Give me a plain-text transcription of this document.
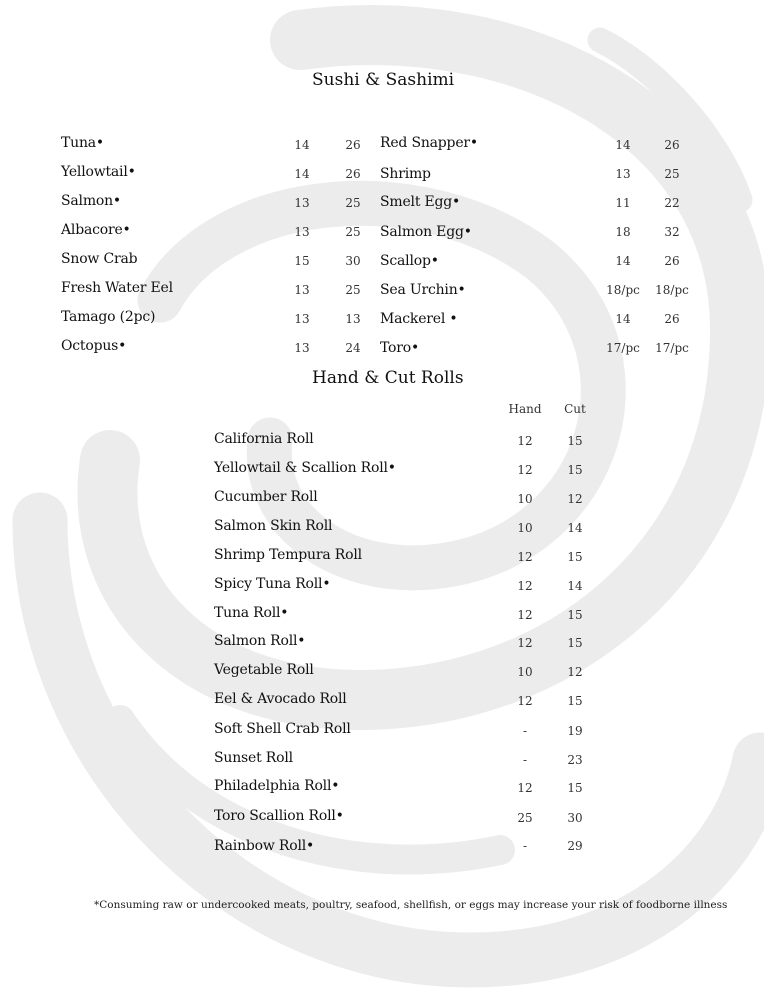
Sushi & Sashimi
Tuna•	14	26
Yellowtail•	14	26
Salmon•	13	25
Albacore•	13	25
Snow Crab	15	30
Fresh Water Eel	13	25
Tamago (2pc)	13	13
Octopus•	13	24
Red Snapper•	14	26
Shrimp	13	25
Smelt Egg•	11	22
Salmon Egg•	18	32
Scallop•	14	26
Sea Urchin•	18/pc	18/pc
Mackerel •	14	26
Toro•	17/pc	17/pc
Hand & Cut Rolls
Hand	Cut
California Roll	12	15
Yellowtail & Scallion Roll•	12	15
Cucumber Roll	10	12
Salmon Skin Roll	10	14
Shrimp Tempura Roll	12	15
Spicy Tuna Roll•	12	14
Tuna Roll•	12	15
Salmon Roll•	12	15
Vegetable Roll	10	12
Eel & Avocado Roll	12	15
Soft Shell Crab Roll	-	19
Sunset Roll	-	23
Philadelphia Roll•	12	15
Toro Scallion Roll•	25	30
Rainbow Roll•	-	29
*Consuming raw or undercooked meats, poultry, seafood, shellfish, or eggs may increase your risk of foodborne illness
